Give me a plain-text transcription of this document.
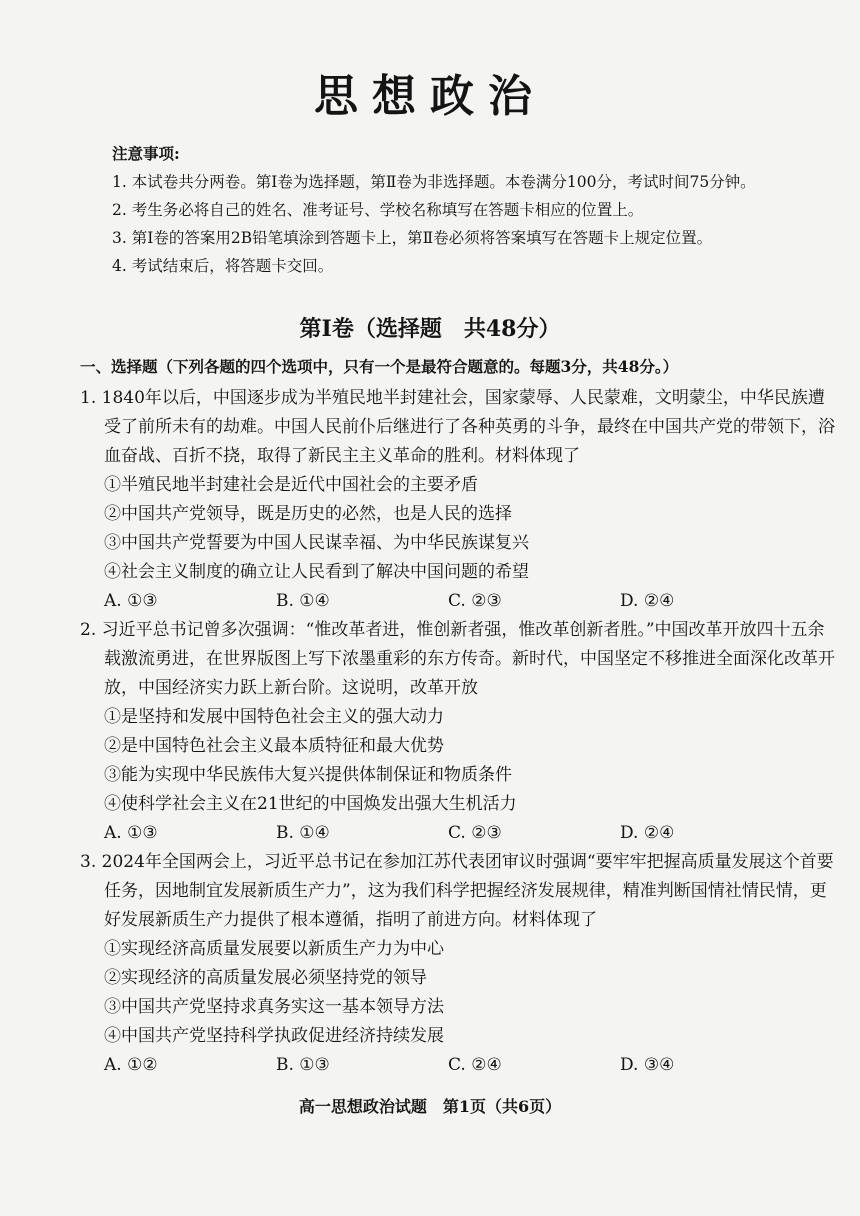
思想政治
注意事项:
1. 本试卷共分两卷。第Ⅰ卷为选择题，第Ⅱ卷为非选择题。本卷满分100分，考试时间75分钟。
2. 考生务必将自己的姓名、准考证号、学校名称填写在答题卡相应的位置上。
3. 第Ⅰ卷的答案用2B铅笔填涂到答题卡上，第Ⅱ卷必须将答案填写在答题卡上规定位置。
4. 考试结束后，将答题卡交回。
第Ⅰ卷（选择题　共48分）
一、选择题（下列各题的四个选项中，只有一个是最符合题意的。每题3分，共48分。）
1. 1840年以后，中国逐步成为半殖民地半封建社会，国家蒙辱、人民蒙难，文明蒙尘，中华民族遭受了前所未有的劫难。中国人民前仆后继进行了各种英勇的斗争，最终在中国共产党的带领下，浴血奋战、百折不挠，取得了新民主主义革命的胜利。材料体现了
①半殖民地半封建社会是近代中国社会的主要矛盾
②中国共产党领导，既是历史的必然，也是人民的选择
③中国共产党誓要为中国人民谋幸福、为中华民族谋复兴
④社会主义制度的确立让人民看到了解决中国问题的希望
A. ①③	B. ①④	C. ②③	D. ②④
2. 习近平总书记曾多次强调：“惟改革者进，惟创新者强，惟改革创新者胜。”中国改革开放四十五余载激流勇进，在世界版图上写下浓墨重彩的东方传奇。新时代，中国坚定不移推进全面深化改革开放，中国经济实力跃上新台阶。这说明，改革开放
①是坚持和发展中国特色社会主义的强大动力
②是中国特色社会主义最本质特征和最大优势
③能为实现中华民族伟大复兴提供体制保证和物质条件
④使科学社会主义在21世纪的中国焕发出强大生机活力
A. ①③	B. ①④	C. ②③	D. ②④
3. 2024年全国两会上，习近平总书记在参加江苏代表团审议时强调“要牢牢把握高质量发展这个首要任务，因地制宜发展新质生产力”，这为我们科学把握经济发展规律，精准判断国情社情民情，更好发展新质生产力提供了根本遵循，指明了前进方向。材料体现了
①实现经济高质量发展要以新质生产力为中心
②实现经济的高质量发展必须坚持党的领导
③中国共产党坚持求真务实这一基本领导方法
④中国共产党坚持科学执政促进经济持续发展
A. ①②	B. ①③	C. ②④	D. ③④
高一思想政治试题　第1页（共6页）
